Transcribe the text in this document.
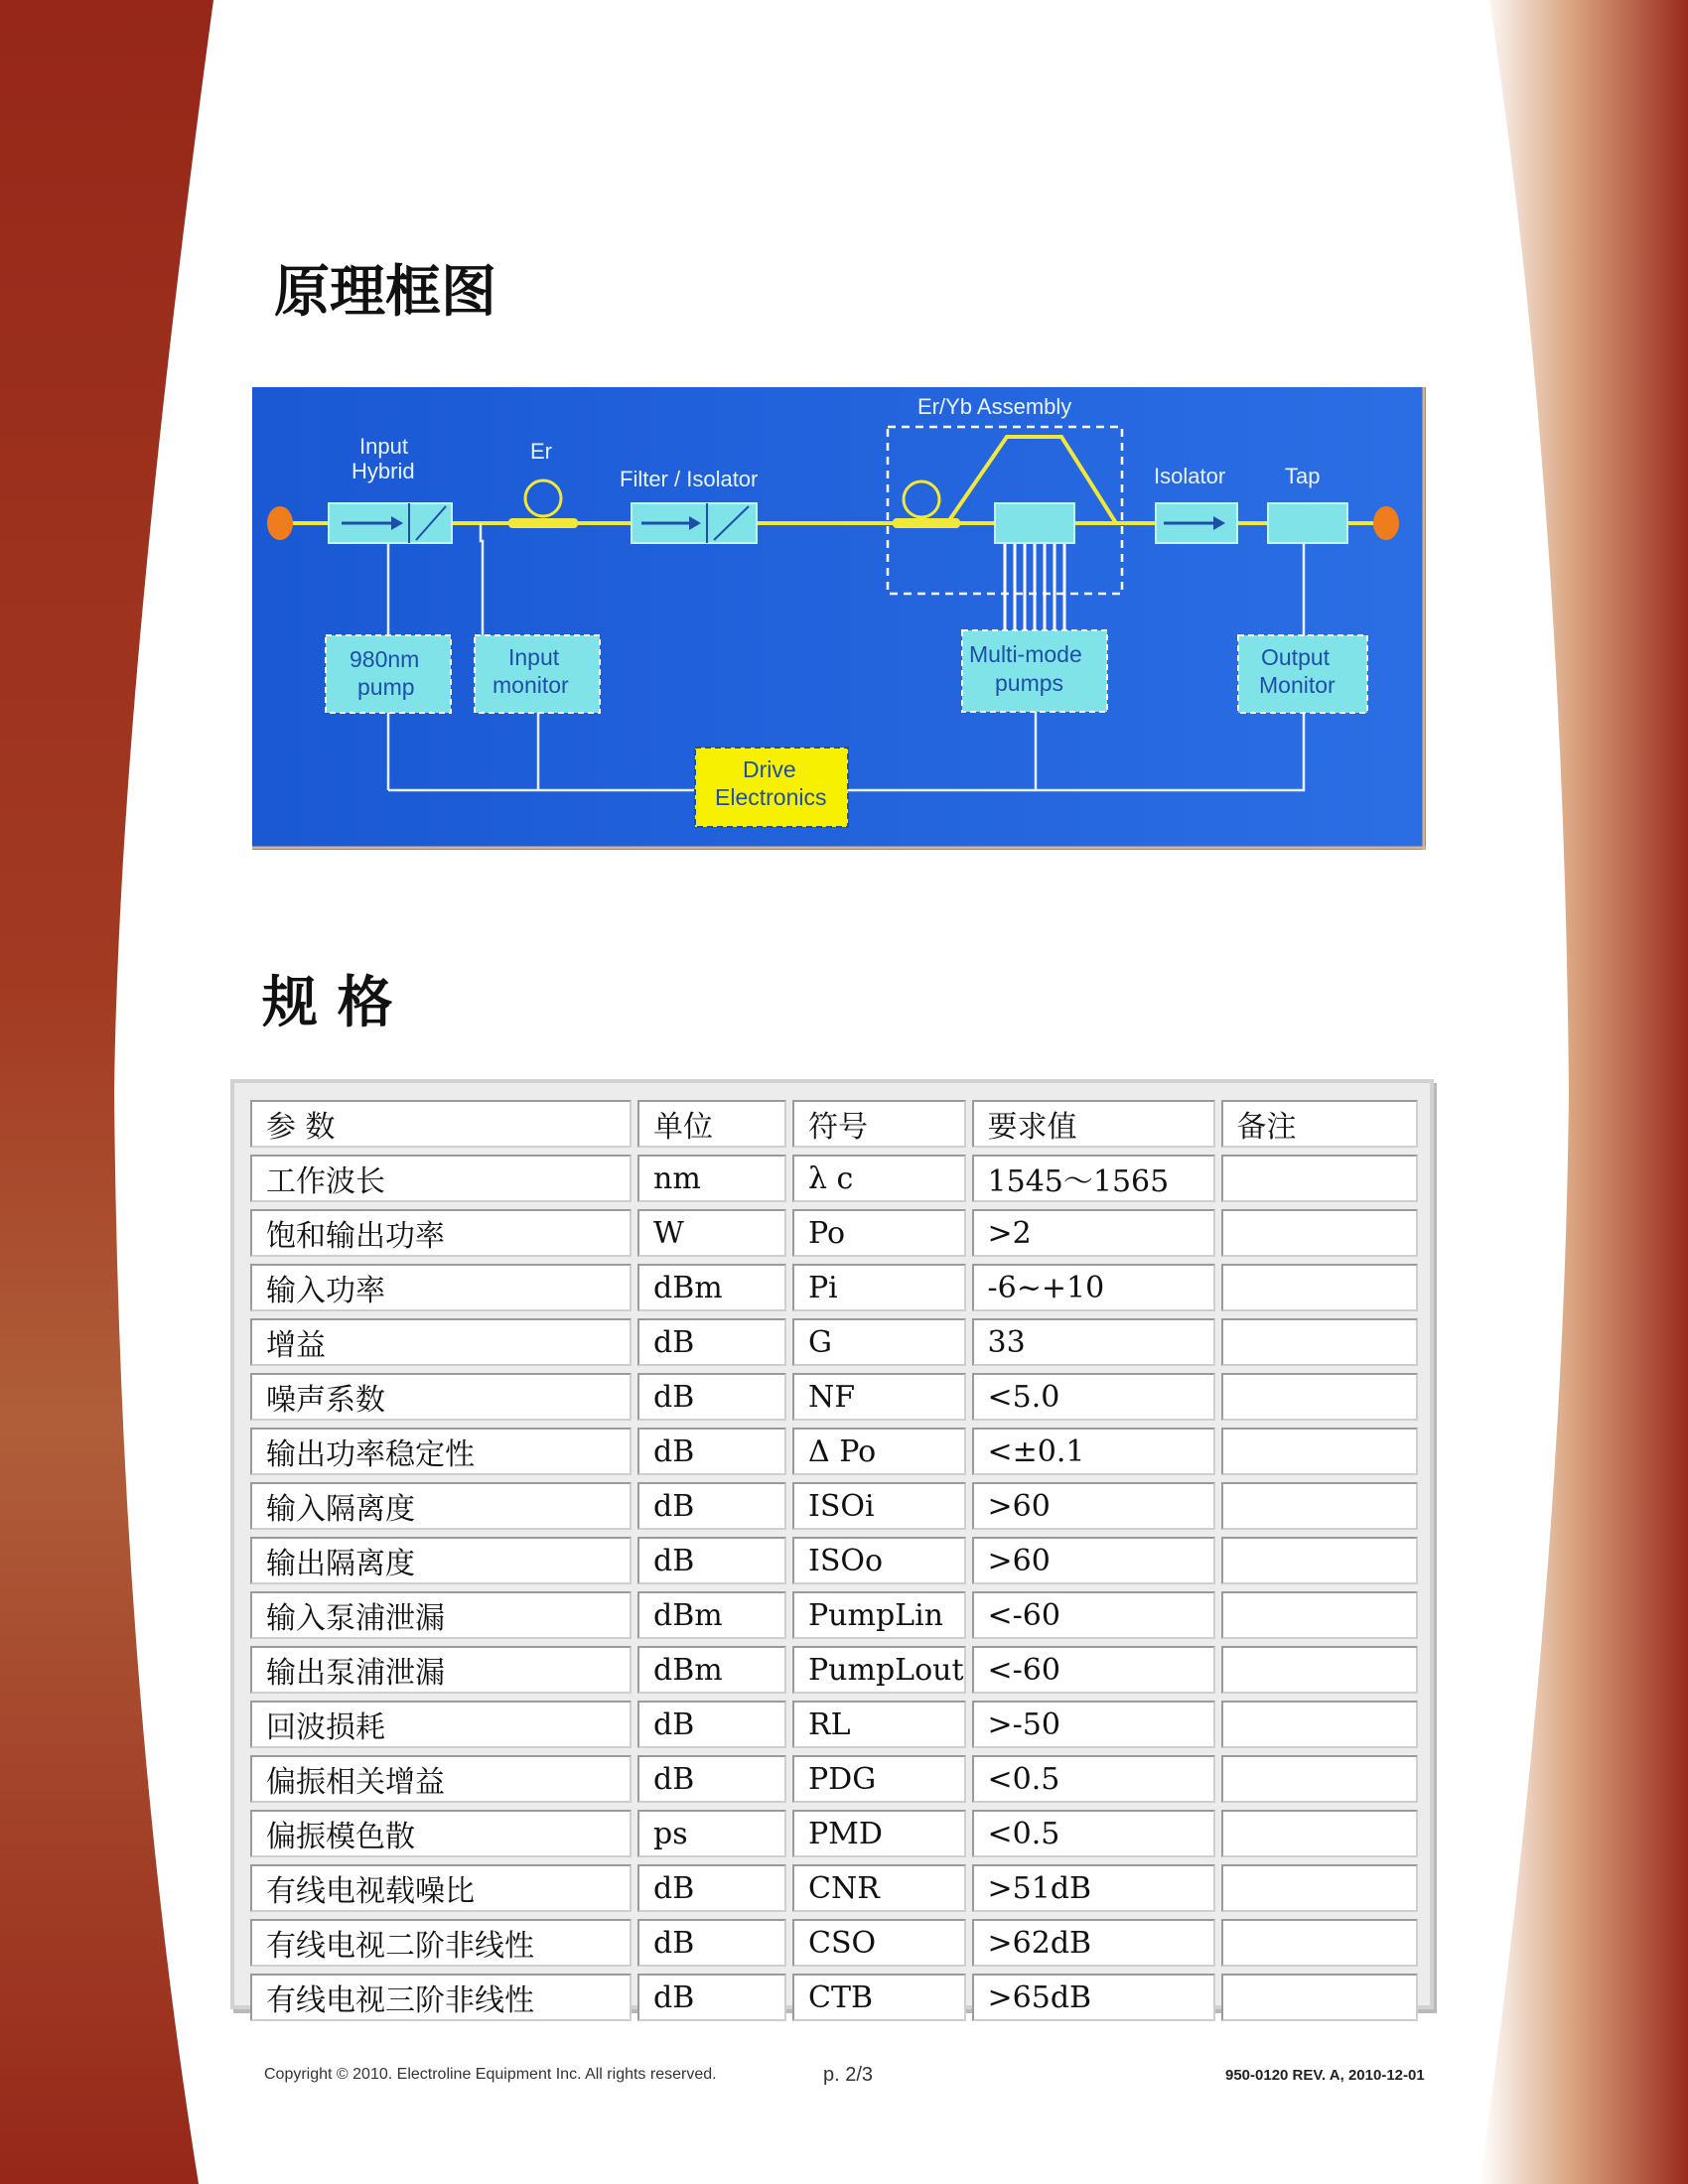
原理框图
Er/Yb Assembly
Input
Hybrid
Er
Filter / Isolator	Isolator	Tap
980nm
pump
Input
monitor
Multi-mode
pumps
Output
Monitor
Drive
Electronics
规 格
参 数	单位	符号	要求值	备注
工作波长	nm	λ c	1545～1565	
饱和输出功率	W	Po	>2	
输入功率	dBm	Pi	-6~+10	
增益	dB	G	33	
噪声系数	dB	NF	<5.0	
输出功率稳定性	dB	Δ Po	<±0.1	
输入隔离度	dB	ISOi	>60	
输出隔离度	dB	ISOo	>60	
输入泵浦泄漏	dBm	PumpLin	<-60	
输出泵浦泄漏	dBm	PumpLout	<-60	
回波损耗	dB	RL	>-50	
偏振相关增益	dB	PDG	<0.5	
偏振模色散	ps	PMD	<0.5	
有线电视载噪比	dB	CNR	>51dB	
有线电视二阶非线性	dB	CSO	>62dB	
有线电视三阶非线性	dB	CTB	>65dB	
Copyright © 2010. Electroline Equipment Inc. All rights reserved.	p. 2/3	950-0120 REV. A, 2010-12-01
